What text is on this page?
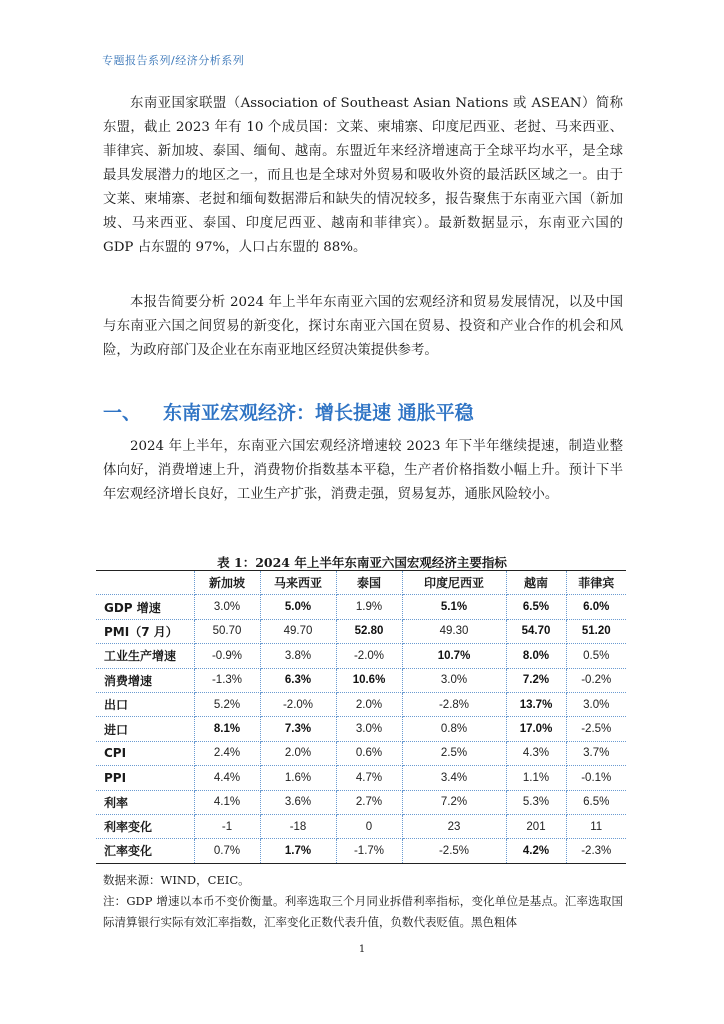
专题报告系列/经济分析系列
东南亚国家联盟（Association of Southeast Asian Nations 或 ASEAN）简称东盟，截止 2023 年有 10 个成员国：文莱、柬埔寨、印度尼西亚、老挝、马来西亚、菲律宾、新加坡、泰国、缅甸、越南。东盟近年来经济增速高于全球平均水平，是全球最具发展潜力的地区之一，而且也是全球对外贸易和吸收外资的最活跃区域之一。由于文莱、柬埔寨、老挝和缅甸数据滞后和缺失的情况较多，报告聚焦于东南亚六国（新加坡、马来西亚、泰国、印度尼西亚、越南和菲律宾）。最新数据显示，东南亚六国的 GDP 占东盟的 97%，人口占东盟的 88%。
本报告简要分析 2024 年上半年东南亚六国的宏观经济和贸易发展情况，以及中国与东南亚六国之间贸易的新变化，探讨东南亚六国在贸易、投资和产业合作的机会和风险，为政府部门及企业在东南亚地区经贸决策提供参考。
一、 东南亚宏观经济：增长提速 通胀平稳
2024 年上半年，东南亚六国宏观经济增速较 2023 年下半年继续提速，制造业整体向好，消费增速上升，消费物价指数基本平稳，生产者价格指数小幅上升。预计下半年宏观经济增长良好，工业生产扩张，消费走强，贸易复苏，通胀风险较小。
表 1：2024 年上半年东南亚六国宏观经济主要指标
	新加坡	马来西亚	泰国	印度尼西亚	越南	菲律宾
GDP 增速	3.0%	5.0%	1.9%	5.1%	6.5%	6.0%
PMI（7 月）	50.70	49.70	52.80	49.30	54.70	51.20
工业生产增速	-0.9%	3.8%	-2.0%	10.7%	8.0%	0.5%
消费增速	-1.3%	6.3%	10.6%	3.0%	7.2%	-0.2%
出口	5.2%	-2.0%	2.0%	-2.8%	13.7%	3.0%
进口	8.1%	7.3%	3.0%	0.8%	17.0%	-2.5%
CPI	2.4%	2.0%	0.6%	2.5%	4.3%	3.7%
PPI	4.4%	1.6%	4.7%	3.4%	1.1%	-0.1%
利率	4.1%	3.6%	2.7%	7.2%	5.3%	6.5%
利率变化	-1	-18	0	23	201	11
汇率变化	0.7%	1.7%	-1.7%	-2.5%	4.2%	-2.3%
数据来源：WIND，CEIC。
注：GDP 增速以本币不变价衡量。利率选取三个月同业拆借利率指标，变化单位是基点。汇率选取国际清算银行实际有效汇率指数，汇率变化正数代表升值，负数代表贬值。黑色粗体
1
